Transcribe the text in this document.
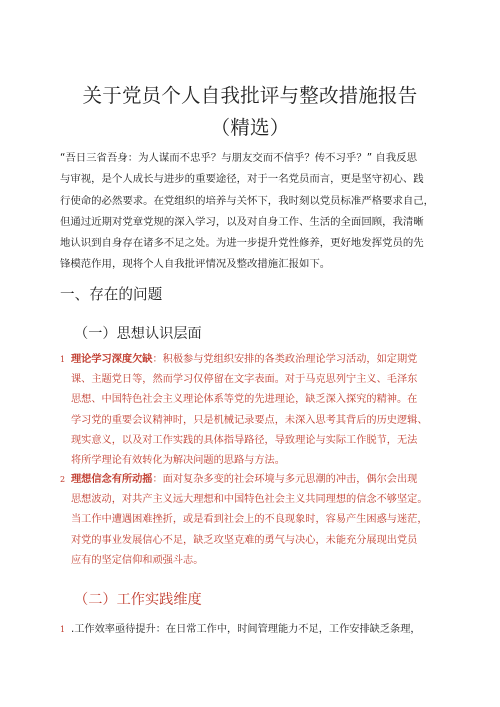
关于党员个人自我批评与整改措施报告
（精选）
“吾日三省吾身：为人谋而不忠乎？与朋友交而不信乎？传不习乎？” 自我反思
与审视，是个人成长与进步的重要途径，对于一名党员而言，更是坚守初心、践
行使命的必然要求。在党组织的培养与关怀下，我时刻以党员标准严格要求自己，
但通过近期对党章党规的深入学习，以及对自身工作、生活的全面回顾，我清晰
地认识到自身存在诸多不足之处。为进一步提升党性修养，更好地发挥党员的先
锋模范作用，现将个人自我批评情况及整改措施汇报如下。
一、存在的问题
（一）思想认识层面
1 理论学习深度欠缺：积极参与党组织安排的各类政治理论学习活动，如定期党
课、主题党日等，然而学习仅停留在文字表面。对于马克思列宁主义、毛泽东
思想、中国特色社会主义理论体系等党的先进理论，缺乏深入探究的精神。在
学习党的重要会议精神时，只是机械记录要点，未深入思考其背后的历史逻辑、
现实意义，以及对工作实践的具体指导路径，导致理论与实际工作脱节，无法
将所学理论有效转化为解决问题的思路与方法。
2 理想信念有所动摇：面对复杂多变的社会环境与多元思潮的冲击，偶尔会出现
思想波动，对共产主义远大理想和中国特色社会主义共同理想的信念不够坚定。
当工作中遭遇困难挫折，或是看到社会上的不良现象时，容易产生困惑与迷茫，
对党的事业发展信心不足，缺乏攻坚克难的勇气与决心，未能充分展现出党员
应有的坚定信仰和顽强斗志。
（二）工作实践维度
1 .工作效率亟待提升：在日常工作中，时间管理能力不足，工作安排缺乏条理，
